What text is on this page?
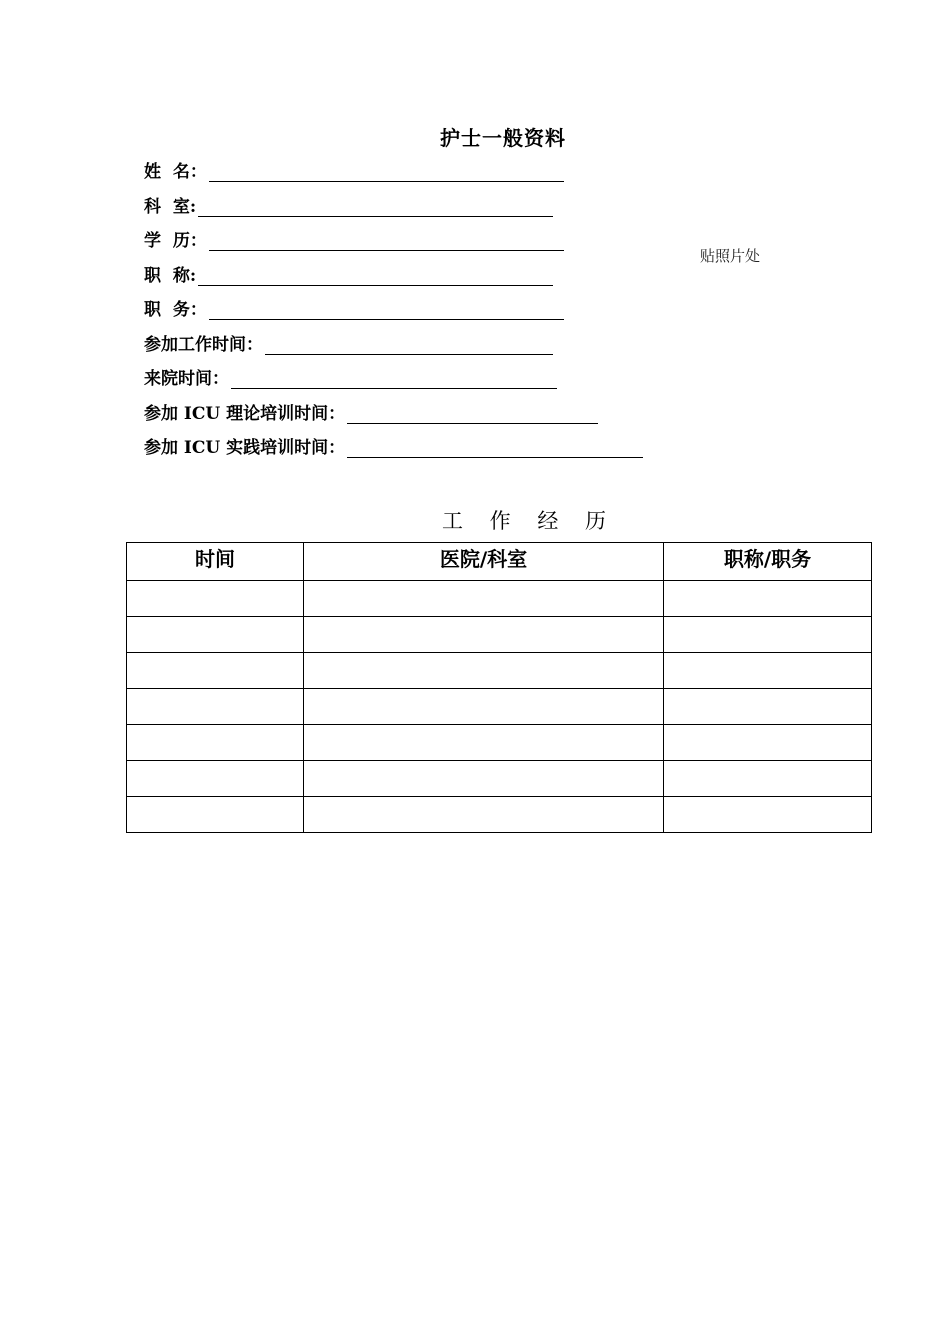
护士一般资料
姓  名：
科  室:
学  历：
职  称:
职  务：
参加工作时间：
来院时间：
参加 ICU 理论培训时间：
参加 ICU 实践培训时间：
贴照片处
工 作 经 历
时间	医院/科室	职称/职务
